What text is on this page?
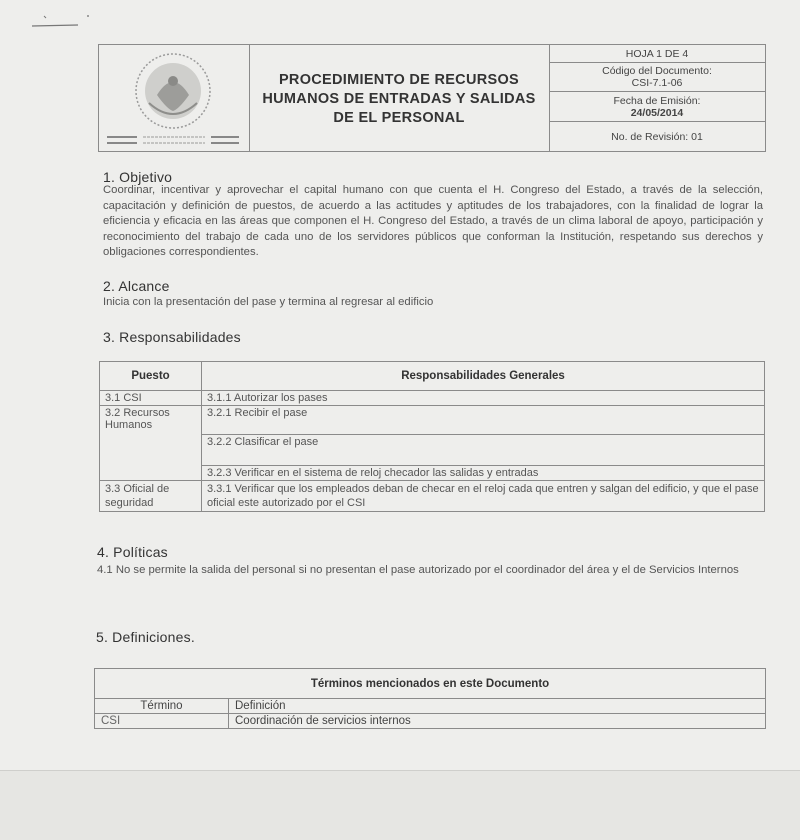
PROCEDIMIENTO DE RECURSOS
HUMANOS DE ENTRADAS Y SALIDAS
DE EL PERSONAL
HOJA 1 DE 4
Código del Documento:
CSI-7.1-06
Fecha de Emisión:
24/05/2014
No. de Revisión: 01
1. Objetivo
Coordinar, incentivar y aprovechar el capital humano con que cuenta el H. Congreso del Estado, a través de la selección, capacitación y definición de puestos, de acuerdo a las actitudes y aptitudes de los trabajadores, con la finalidad de lograr la eficiencia y eficacia en las áreas que componen el H. Congreso del Estado, a través de un clima laboral de apoyo, participación y reconocimiento del trabajo de cada uno de los servidores públicos que conforman la Institución, respetando sus derechos y obligaciones correspondientes.
2. Alcance
Inicia con la presentación del pase y termina al regresar al edificio
3. Responsabilidades
Puesto	Responsabilidades Generales
3.1 CSI	3.1.1 Autorizar los pases
3.2 Recursos Humanos	3.2.1 Recibir el pase
	3.2.2 Clasificar el pase
	3.2.3 Verificar en el sistema de reloj checador las salidas y entradas
3.3 Oficial de seguridad	3.3.1 Verificar que los empleados deban de checar en el reloj cada que entren y salgan del edificio, y que el pase oficial este autorizado por el CSI
4. Políticas
4.1 No se permite la salida del personal si no presentan el pase autorizado por el coordinador del área y el de Servicios Internos
5. Definiciones.
Términos mencionados en este Documento	
Término	Definición
CSI	Coordinación de servicios internos
